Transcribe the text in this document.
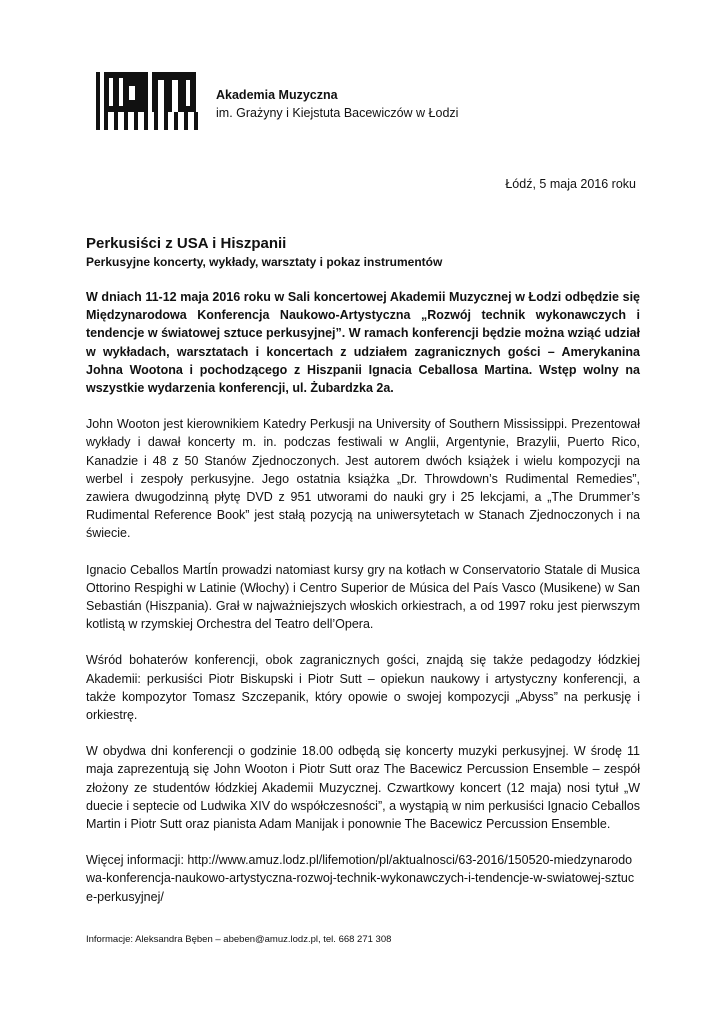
Akademia Muzyczna
im. Grażyny i Kiejstuta Bacewiczów w Łodzi
Łódź, 5 maja 2016 roku
Perkusiści z USA i Hiszpanii
Perkusyjne koncerty, wykłady, warsztaty i pokaz instrumentów

W dniach 11-12 maja 2016 roku w Sali koncertowej Akademii Muzycznej w Łodzi odbędzie się Międzynarodowa Konferencja Naukowo-Artystyczna „Rozwój technik wykonawczych i tendencje w światowej sztuce perkusyjnej”. W ramach konferencji będzie można wziąć udział w wykładach, warsztatach i koncertach z udziałem zagranicznych gości – Amerykanina Johna Wootona i pochodzącego z Hiszpanii Ignacia Ceballosa Martina. Wstęp wolny na wszystkie wydarzenia konferencji, ul. Żubardzka 2a.

John Wooton jest kierownikiem Katedry Perkusji na University of Southern Mississippi. Prezentował wykłady i dawał koncerty m. in. podczas festiwali w Anglii, Argentynie, Brazylii, Puerto Rico, Kanadzie i 48 z 50 Stanów Zjednoczonych. Jest autorem dwóch książek i wielu kompozycji na werbel i zespoły perkusyjne. Jego ostatnia książka „Dr. Throwdown’s Rudimental Remedies”, zawiera dwugodzinną płytę DVD z 951 utworami do nauki gry i 25 lekcjami, a „The Drummer’s Rudimental Reference Book” jest stałą pozycją na uniwersytetach w Stanach Zjednoczonych i na świecie.

Ignacio Ceballos MartÍn prowadzi natomiast kursy gry na kotłach w Conservatorio Statale di Musica Ottorino Respighi w Latinie (Włochy) i Centro Superior de Música del País Vasco (Musikene) w San Sebastián (Hiszpania). Grał w najważniejszych włoskich orkiestrach, a od 1997 roku jest pierwszym kotlistą w rzymskiej Orchestra del Teatro dell’Opera.

Wśród bohaterów konferencji, obok zagranicznych gości, znajdą się także pedagodzy łódzkiej Akademii: perkusiści Piotr Biskupski i Piotr Sutt – opiekun naukowy i artystyczny konferencji, a także kompozytor Tomasz Szczepanik, który opowie o swojej kompozycji „Abyss” na perkusję i orkiestrę.

W obydwa dni konferencji o godzinie 18.00 odbędą się koncerty muzyki perkusyjnej. W środę 11 maja zaprezentują się John Wooton i Piotr Sutt oraz The Bacewicz Percussion Ensemble – zespół złożony ze studentów łódzkiej Akademii Muzycznej. Czwartkowy koncert (12 maja) nosi tytuł „W duecie i septecie od Ludwika XIV do współczesności”, a wystąpią w nim perkusiści Ignacio Ceballos Martin i Piotr Sutt oraz pianista Adam Manijak i ponownie The Bacewicz Percussion Ensemble.

Więcej informacji: http://www.amuz.lodz.pl/lifemotion/pl/aktualnosci/63-2016/150520-miedzynarodowa-konferencja-naukowo-artystyczna-rozwoj-technik-wykonawczych-i-tendencje-w-swiatowej-sztuce-perkusyjnej/

Informacje: Aleksandra Bęben – abeben@amuz.lodz.pl, tel. 668 271 308
